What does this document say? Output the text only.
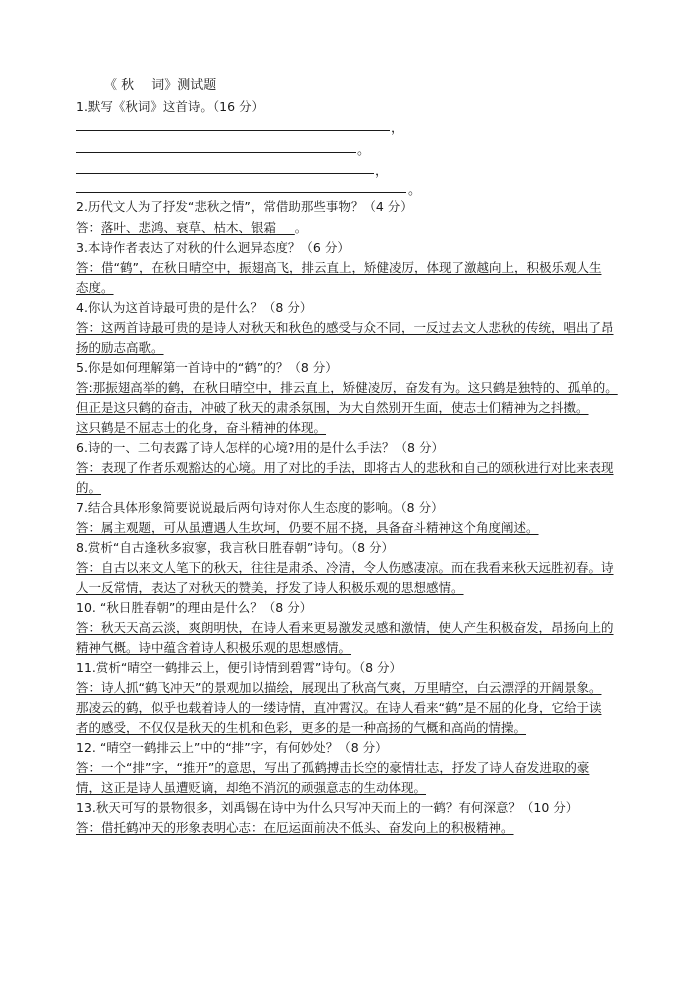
《 秋　 词》测试题
1.默写《秋词》这首诗。（16 分）
，
。
，
。
2.历代文人为了抒发“悲秋之情”，常借助那些事物？（4 分）
答：落叶、悲鸿、衰草、枯木、银霜　  。
3.本诗作者表达了对秋的什么迥异态度？（6 分）
答：借“鹤”，在秋日晴空中，振翅高飞，排云直上，矫健凌厉，体现了激越向上，积极乐观人生
态度。
4.你认为这首诗最可贵的是什么？（8 分）
答：这两首诗最可贵的是诗人对秋天和秋色的感受与众不同，一反过去文人悲秋的传统，唱出了昂
扬的励志高歌。
5.你是如何理解第一首诗中的“鹤”的？（8 分）
答:那振翅高举的鹤，在秋日晴空中，排云直上，矫健凌厉，奋发有为。这只鹤是独特的、孤单的。
但正是这只鹤的奋击，冲破了秋天的肃杀氛围，为大自然别开生面，使志士们精神为之抖擞。
这只鹤是不屈志士的化身，奋斗精神的体现。
6.诗的一、二句表露了诗人怎样的心境?用的是什么手法？（8 分）
答：表现了作者乐观豁达的心境。用了对比的手法，即将古人的悲秋和自己的颂秋进行对比来表现
的。
7.结合具体形象简要说说最后两句诗对你人生态度的影响。（8 分）
答：属主观题，可从虽遭遇人生坎坷，仍要不屈不挠，具备奋斗精神这个角度阐述。
8.赏析“自古逢秋多寂寥，我言秋日胜春朝”诗句。（8 分）
答：自古以来文人笔下的秋天，往往是肃杀、冷清，令人伤感凄凉。而在我看来秋天远胜初春。诗
人一反常情，表达了对秋天的赞美，抒发了诗人积极乐观的思想感情。
10. “秋日胜春朝”的理由是什么？（8 分）
答：秋天天高云淡，爽朗明快，在诗人看来更易激发灵感和激情，使人产生积极奋发，昂扬向上的
精神气概。诗中蕴含着诗人积极乐观的思想感情。
11.赏析“晴空一鹤排云上，便引诗情到碧霄”诗句。（8 分）
答：诗人抓“鹤飞冲天”的景观加以描绘，展现出了秋高气爽，万里晴空，白云漂浮的开阔景象。
那凌云的鹤，似乎也载着诗人的一缕诗情，直冲霄汉。在诗人看来“鹤”是不屈的化身，它给于读
者的感受，不仅仅是秋天的生机和色彩，更多的是一种高扬的气概和高尚的情操。
12. “晴空一鹤排云上”中的“排”字，有何妙处？（8 分）
答：一个“排”字，“推开”的意思，写出了孤鹤搏击长空的豪情壮志，抒发了诗人奋发进取的豪
情，这正是诗人虽遭贬谪，却绝不消沉的顽强意志的生动体现。
13.秋天可写的景物很多，刘禹锡在诗中为什么只写冲天而上的一鹤？有何深意？（10 分）
答：借托鹤冲天的形象表明心志：在厄运面前决不低头、奋发向上的积极精神。
